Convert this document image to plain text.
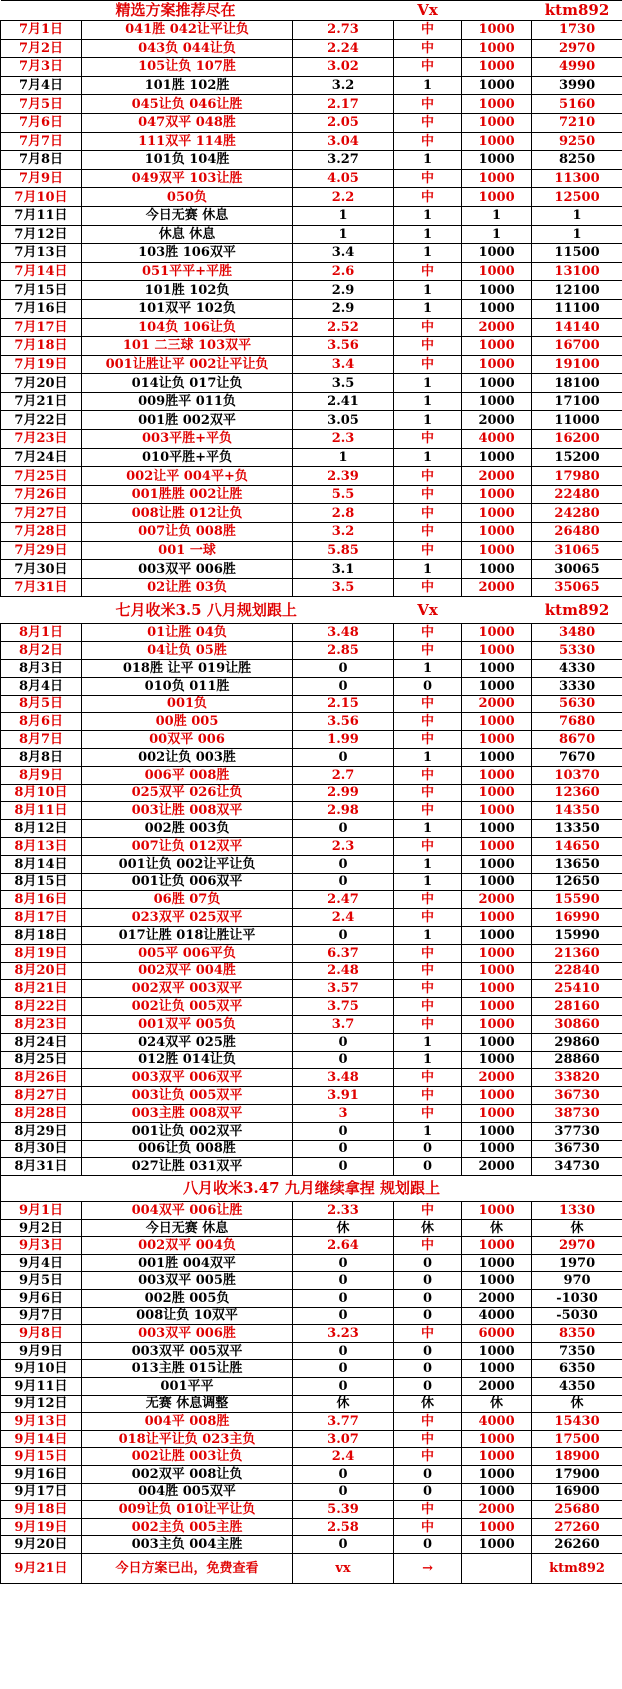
精选方案推荐尽在			Vx		ktm892
7月1日	041胜 042让平让负	2.73	中	1000	1730
7月2日	043负 044让负	2.24	中	1000	2970
7月3日	105让负 107胜	3.02	中	1000	4990
7月4日	101胜 102胜	3.2	1	1000	3990
7月5日	045让负 046让胜	2.17	中	1000	5160
7月6日	047双平 048胜	2.05	中	1000	7210
7月7日	111双平 114胜	3.04	中	1000	9250
7月8日	101负 104胜	3.27	1	1000	8250
7月9日	049双平 103让胜	4.05	中	1000	11300
7月10日	050负	2.2	中	1000	12500
7月11日	今日无赛 休息	1	1	1	1
7月12日	休息 休息	1	1	1	1
7月13日	103胜 106双平	3.4	1	1000	11500
7月14日	051平平+平胜	2.6	中	1000	13100
7月15日	101胜 102负	2.9	1	1000	12100
7月16日	101双平 102负	2.9	1	1000	11100
7月17日	104负 106让负	2.52	中	2000	14140
7月18日	101 二三球 103双平	3.56	中	1000	16700
7月19日	001让胜让平 002让平让负	3.4	中	1000	19100
7月20日	014让负 017让负	3.5	1	1000	18100
7月21日	009胜平 011负	2.41	1	1000	17100
7月22日	001胜 002双平	3.05	1	2000	11000
7月23日	003平胜+平负	2.3	中	4000	16200
7月24日	010平胜+平负	1	1	1000	15200
7月25日	002让平 004平+负	2.39	中	2000	17980
7月26日	001胜胜 002让胜	5.5	中	1000	22480
7月27日	008让胜 012让负	2.8	中	1000	24280
7月28日	007让负 008胜	3.2	中	1000	26480
7月29日	001 一球	5.85	中	1000	31065
7月30日	003双平 006胜	3.1	1	1000	30065
7月31日	02让胜 03负	3.5	中	2000	35065
七月收米3.5 八月规划跟上			Vx		ktm892
8月1日	01让胜 04负	3.48	中	1000	3480
8月2日	04让负 05胜	2.85	中	1000	5330
8月3日	018胜 让平 019让胜	0	1	1000	4330
8月4日	010负 011胜	0	0	1000	3330
8月5日	001负	2.15	中	2000	5630
8月6日	00胜 005	3.56	中	1000	7680
8月7日	00双平 006	1.99	中	1000	8670
8月8日	002让负 003胜	0	1	1000	7670
8月9日	006平 008胜	2.7	中	1000	10370
8月10日	025双平 026让负	2.99	中	1000	12360
8月11日	003让胜 008双平	2.98	中	1000	14350
8月12日	002胜 003负	0	1	1000	13350
8月13日	007让负 012双平	2.3	中	1000	14650
8月14日	001让负 002让平让负	0	1	1000	13650
8月15日	001让负 006双平	0	1	1000	12650
8月16日	06胜 07负	2.47	中	2000	15590
8月17日	023双平 025双平	2.4	中	1000	16990
8月18日	017让胜 018让胜让平	0	1	1000	15990
8月19日	005平 006平负	6.37	中	1000	21360
8月20日	002双平 004胜	2.48	中	1000	22840
8月21日	002双平 003双平	3.57	中	1000	25410
8月22日	002让负 005双平	3.75	中	1000	28160
8月23日	001双平 005负	3.7	中	1000	30860
8月24日	024双平 025胜	0	1	1000	29860
8月25日	012胜 014让负	0	1	1000	28860
8月26日	003双平 006双平	3.48	中	2000	33820
8月27日	003让负 005双平	3.91	中	1000	36730
8月28日	003主胜 008双平	3	中	1000	38730
8月29日	001让负 002双平	0	1	1000	37730
8月30日	006让负 008胜	0	0	1000	36730
8月31日	027让胜 031双平	0	0	2000	34730
八月收米3.47 九月继续拿捏 规划跟上					
9月1日	004双平 006让胜	2.33	中	1000	1330
9月2日	今日无赛 休息	休	休	休	休
9月3日	002双平 004负	2.64	中	1000	2970
9月4日	001胜 004双平	0	0	1000	1970
9月5日	003双平 005胜	0	0	1000	970
9月6日	002胜 005负	0	0	2000	-1030
9月7日	008让负 10双平	0	0	4000	-5030
9月8日	003双平 006胜	3.23	中	6000	8350
9月9日	003双平 005双平	0	0	1000	7350
9月10日	013主胜 015让胜	0	0	1000	6350
9月11日	001平平	0	0	2000	4350
9月12日	无赛 休息调整	休	休	休	休
9月13日	004平 008胜	3.77	中	4000	15430
9月14日	018让平让负 023主负	3.07	中	1000	17500
9月15日	002让胜 003让负	2.4	中	1000	18900
9月16日	002双平 008让负	0	0	1000	17900
9月17日	004胜 005双平	0	0	1000	16900
9月18日	009让负 010让平让负	5.39	中	2000	25680
9月19日	002主负 005主胜	2.58	中	1000	27260
9月20日	003主负 004主胜	0	0	1000	26260
9月21日	今日方案已出，免费查看	vx	→		ktm892
